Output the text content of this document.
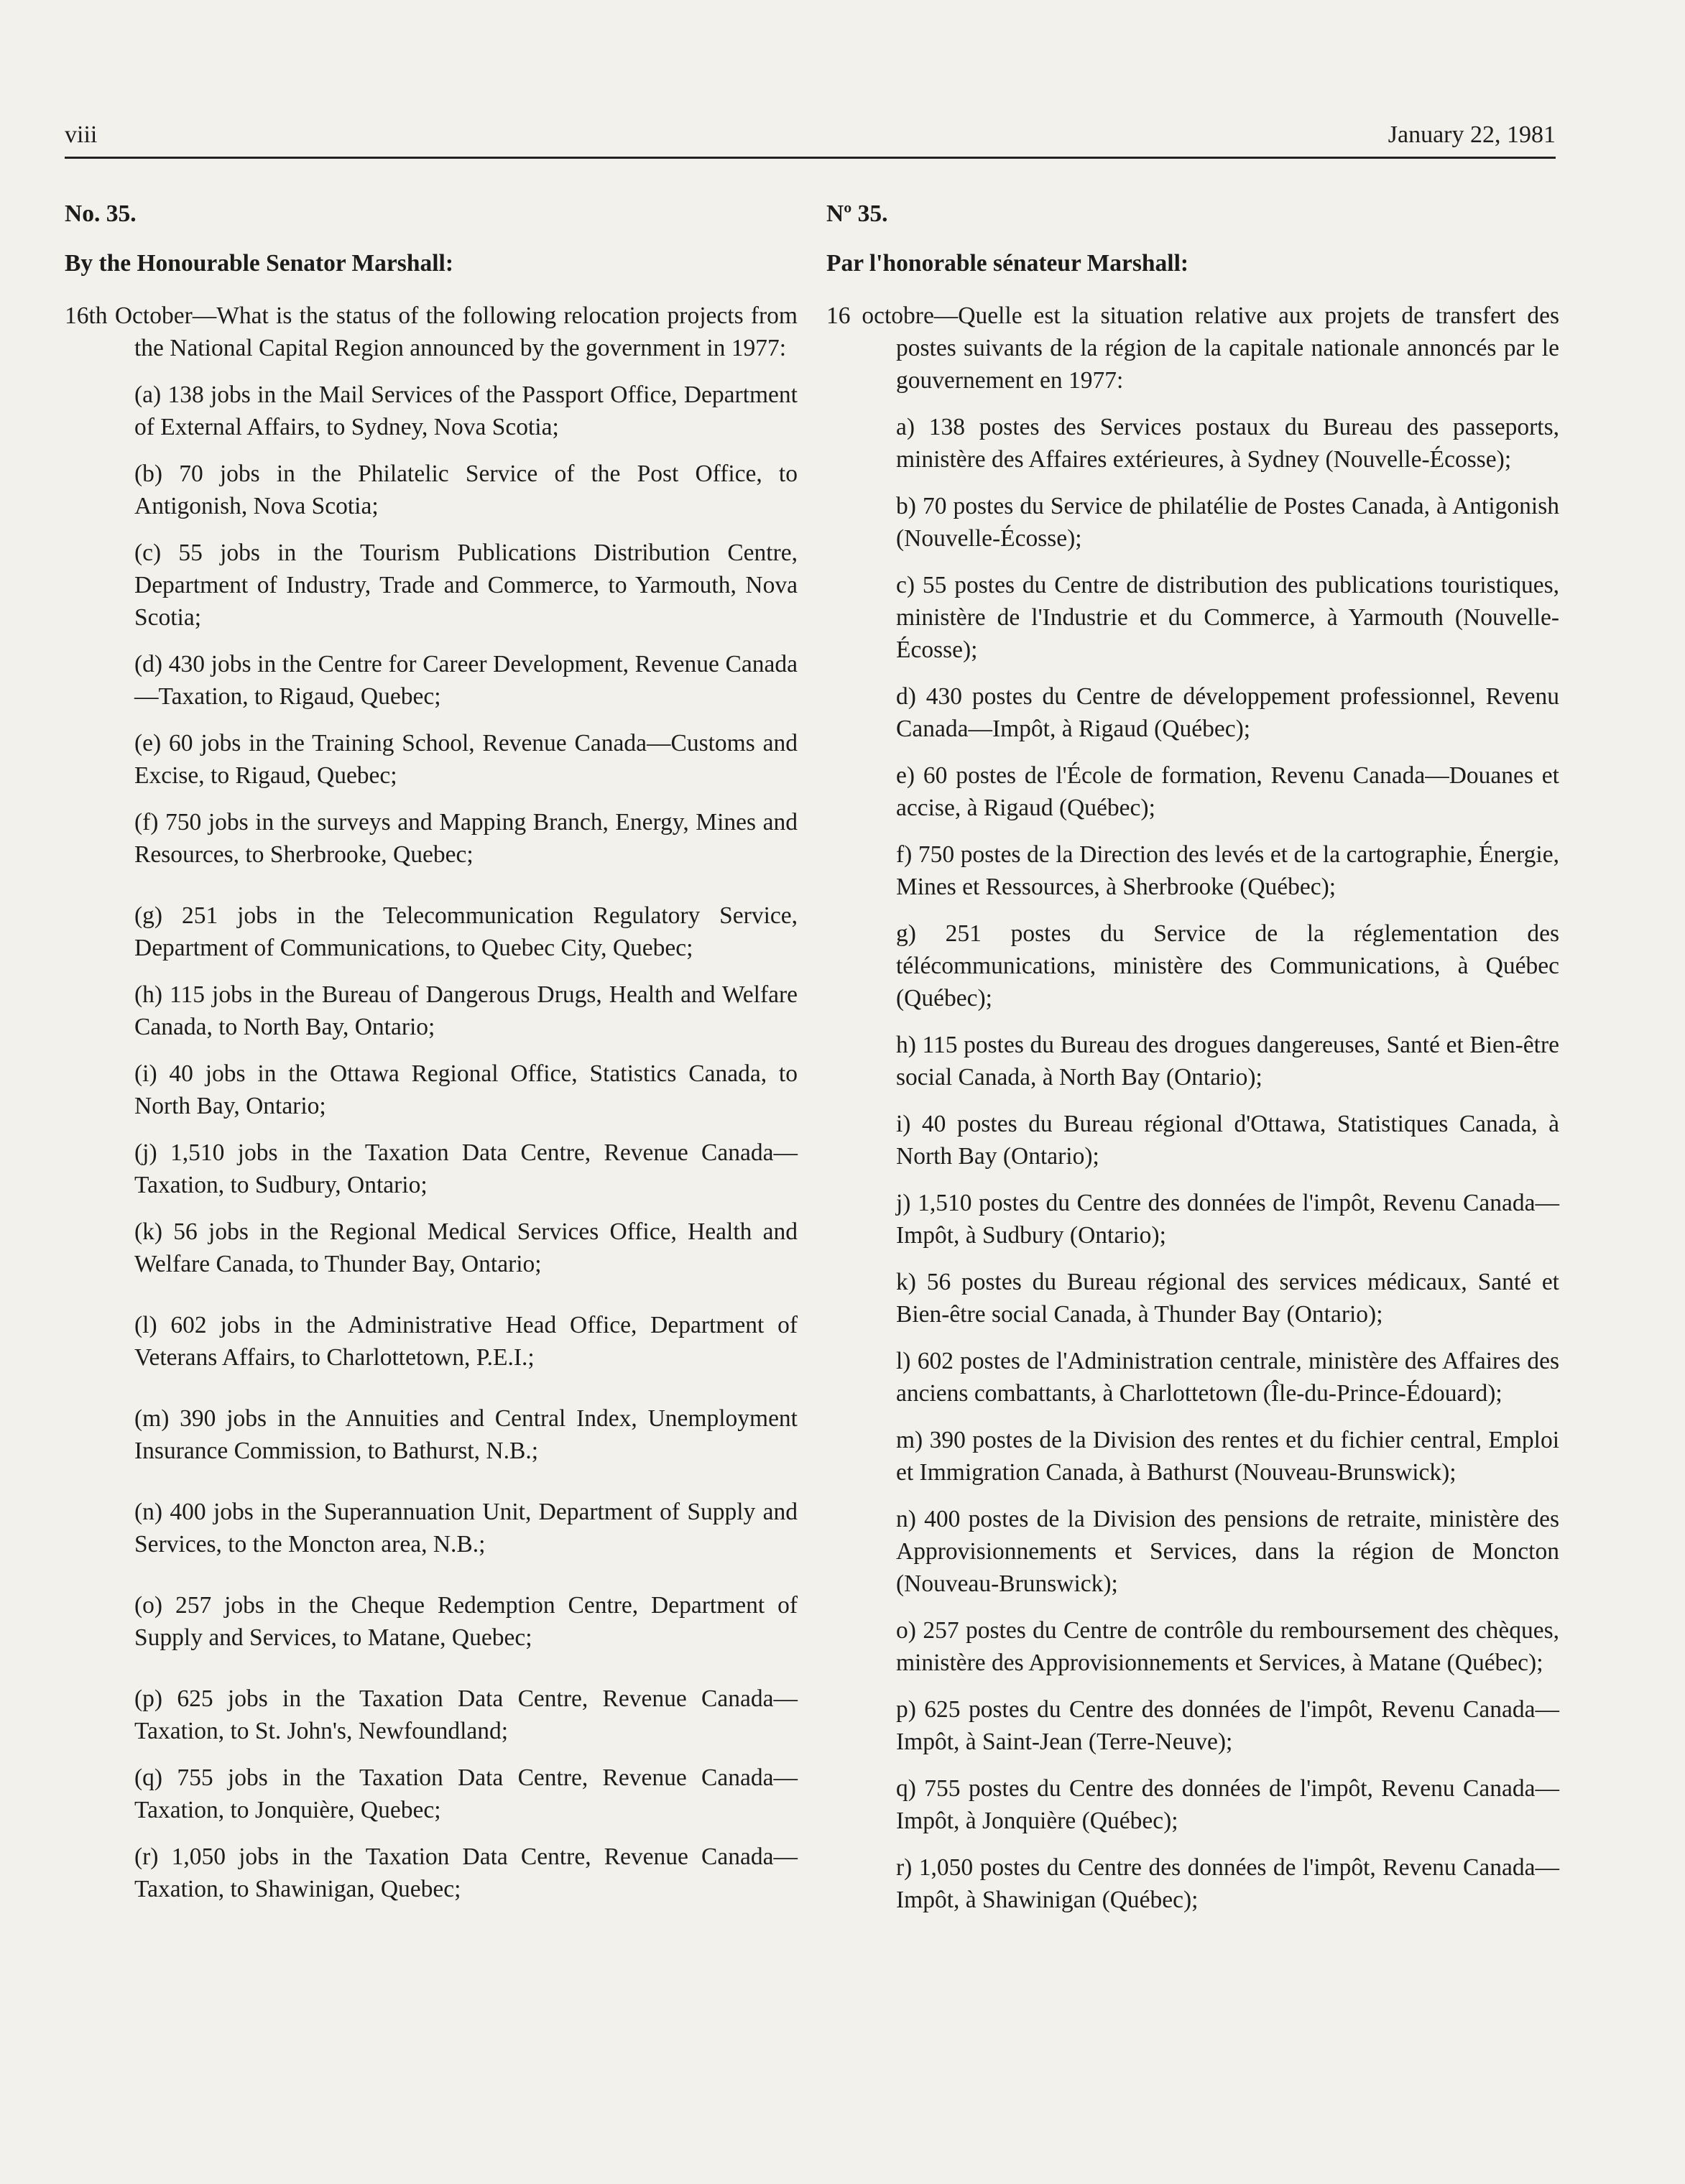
viii	January 22, 1981
No. 35.
By the Honourable Senator Marshall:
16th October—What is the status of the following relocation projects from the National Capital Region announced by the government in 1977:
(a) 138 jobs in the Mail Services of the Passport Office, Department of External Affairs, to Sydney, Nova Scotia;
(b) 70 jobs in the Philatelic Service of the Post Office, to Antigonish, Nova Scotia;
(c) 55 jobs in the Tourism Publications Distribution Centre, Department of Industry, Trade and Commerce, to Yarmouth, Nova Scotia;
(d) 430 jobs in the Centre for Career Development, Revenue Canada—Taxation, to Rigaud, Quebec;
(e) 60 jobs in the Training School, Revenue Canada—Customs and Excise, to Rigaud, Quebec;
(f) 750 jobs in the surveys and Mapping Branch, Energy, Mines and Resources, to Sherbrooke, Quebec;
(g) 251 jobs in the Telecommunication Regulatory Service, Department of Communications, to Quebec City, Quebec;
(h) 115 jobs in the Bureau of Dangerous Drugs, Health and Welfare Canada, to North Bay, Ontario;
(i) 40 jobs in the Ottawa Regional Office, Statistics Canada, to North Bay, Ontario;
(j) 1,510 jobs in the Taxation Data Centre, Revenue Canada—Taxation, to Sudbury, Ontario;
(k) 56 jobs in the Regional Medical Services Office, Health and Welfare Canada, to Thunder Bay, Ontario;
(l) 602 jobs in the Administrative Head Office, Department of Veterans Affairs, to Charlottetown, P.E.I.;
(m) 390 jobs in the Annuities and Central Index, Unemployment Insurance Commission, to Bathurst, N.B.;
(n) 400 jobs in the Superannuation Unit, Department of Supply and Services, to the Moncton area, N.B.;
(o) 257 jobs in the Cheque Redemption Centre, Department of Supply and Services, to Matane, Quebec;
(p) 625 jobs in the Taxation Data Centre, Revenue Canada—Taxation, to St. John's, Newfoundland;
(q) 755 jobs in the Taxation Data Centre, Revenue Canada—Taxation, to Jonquière, Quebec;
(r) 1,050 jobs in the Taxation Data Centre, Revenue Canada—Taxation, to Shawinigan, Quebec;
Nº 35.
Par l'honorable sénateur Marshall:
16 octobre—Quelle est la situation relative aux projets de transfert des postes suivants de la région de la capitale nationale annoncés par le gouvernement en 1977:
a) 138 postes des Services postaux du Bureau des passeports, ministère des Affaires extérieures, à Sydney (Nouvelle-Écosse);
b) 70 postes du Service de philatélie de Postes Canada, à Antigonish (Nouvelle-Écosse);
c) 55 postes du Centre de distribution des publications touristiques, ministère de l'Industrie et du Commerce, à Yarmouth (Nouvelle-Écosse);
d) 430 postes du Centre de développement professionnel, Revenu Canada—Impôt, à Rigaud (Québec);
e) 60 postes de l'École de formation, Revenu Canada—Douanes et accise, à Rigaud (Québec);
f) 750 postes de la Direction des levés et de la cartographie, Énergie, Mines et Ressources, à Sherbrooke (Québec);
g) 251 postes du Service de la réglementation des télécommunications, ministère des Communications, à Québec (Québec);
h) 115 postes du Bureau des drogues dangereuses, Santé et Bien-être social Canada, à North Bay (Ontario);
i) 40 postes du Bureau régional d'Ottawa, Statistiques Canada, à North Bay (Ontario);
j) 1,510 postes du Centre des données de l'impôt, Revenu Canada—Impôt, à Sudbury (Ontario);
k) 56 postes du Bureau régional des services médicaux, Santé et Bien-être social Canada, à Thunder Bay (Ontario);
l) 602 postes de l'Administration centrale, ministère des Affaires des anciens combattants, à Charlottetown (Île-du-Prince-Édouard);
m) 390 postes de la Division des rentes et du fichier central, Emploi et Immigration Canada, à Bathurst (Nouveau-Brunswick);
n) 400 postes de la Division des pensions de retraite, ministère des Approvisionnements et Services, dans la région de Moncton (Nouveau-Brunswick);
o) 257 postes du Centre de contrôle du remboursement des chèques, ministère des Approvisionnements et Services, à Matane (Québec);
p) 625 postes du Centre des données de l'impôt, Revenu Canada—Impôt, à Saint-Jean (Terre-Neuve);
q) 755 postes du Centre des données de l'impôt, Revenu Canada—Impôt, à Jonquière (Québec);
r) 1,050 postes du Centre des données de l'impôt, Revenu Canada—Impôt, à Shawinigan (Québec);
